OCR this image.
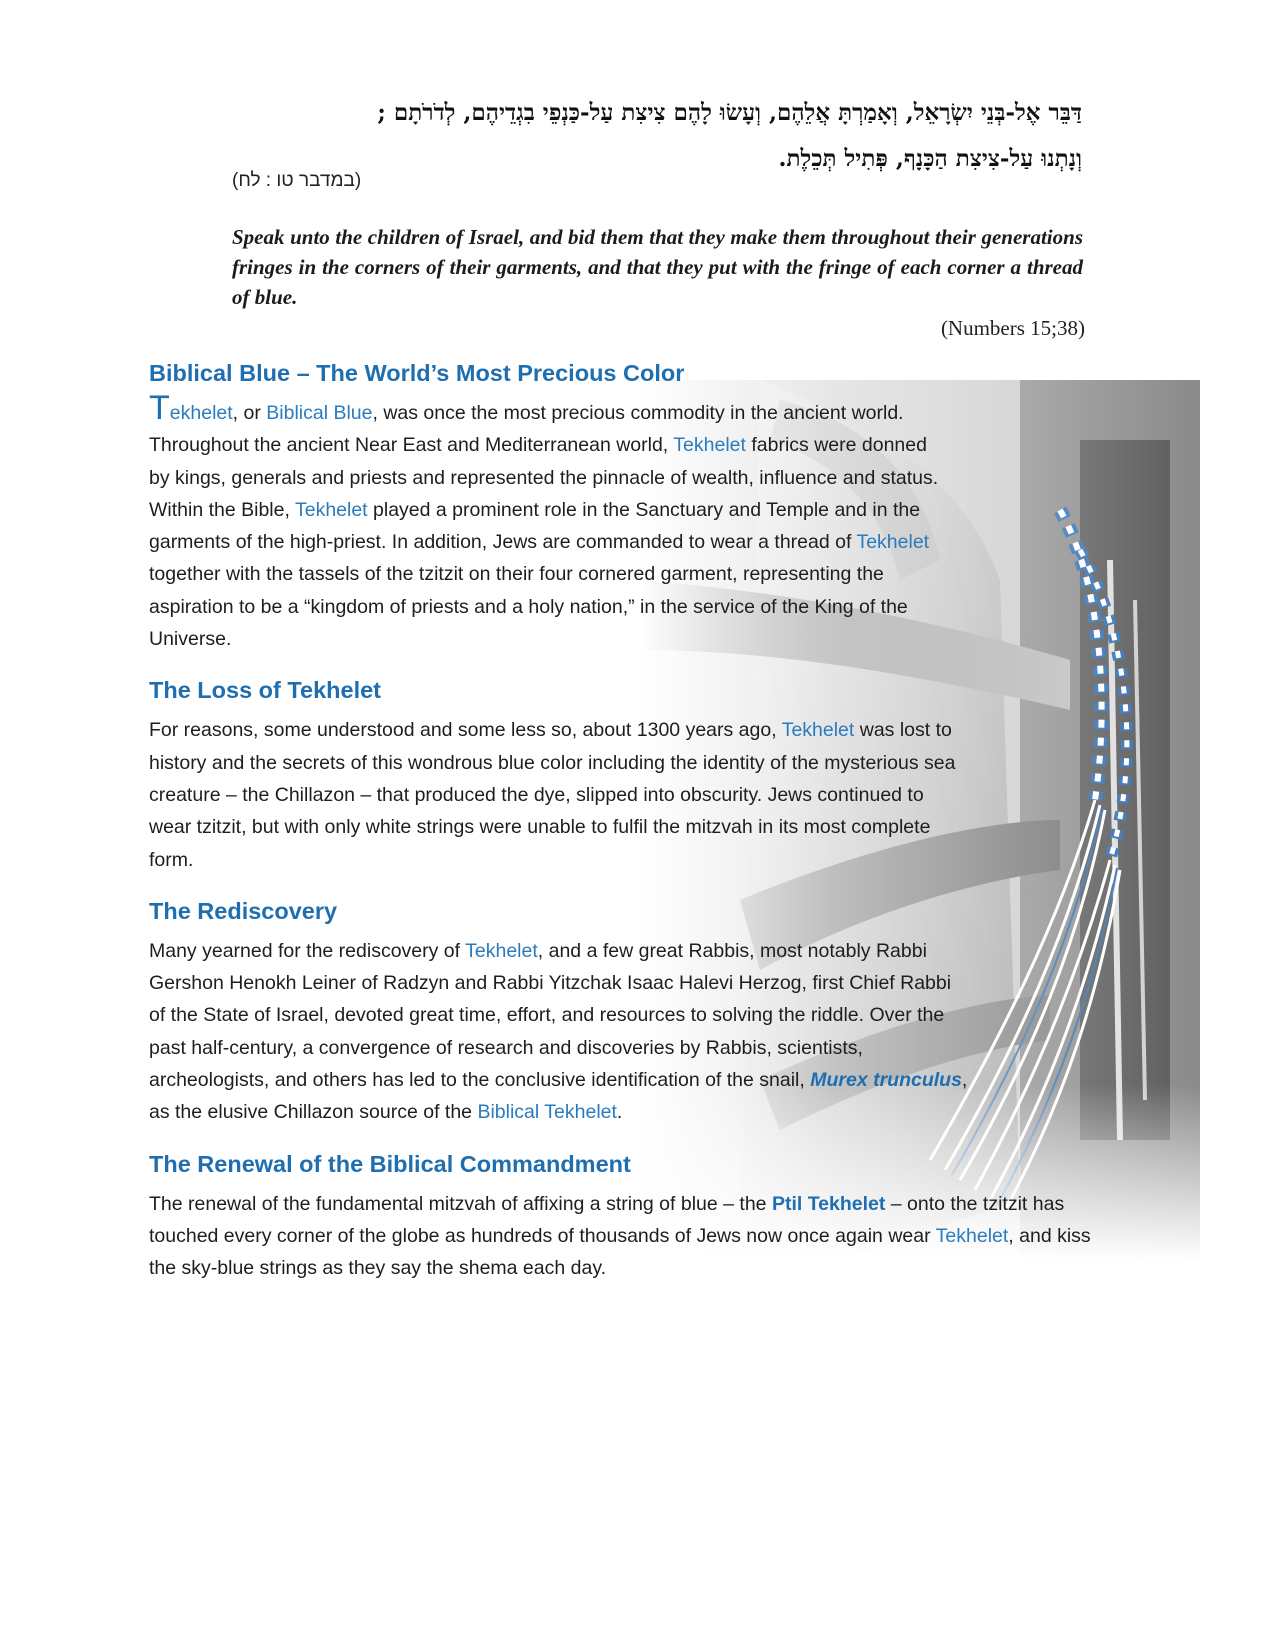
דַּבֵּר אֶל-בְּנֵי יִשְׂרָאֵל, וְאָמַרְתָּ אֲלֵהֶם, וְעָשׂוּ לָהֶם צִיצִת עַל-כַּנְפֵי בִגְדֵיהֶם, לְדֹרֹתָם ;
וְנָתְנוּ עַל-צִיצִת הַכָּנָף, פְּתִיל תְּכֵלֶת.
(במדבר טו : לח)
Speak unto the children of Israel, and bid them that they make them throughout their generations fringes in the corners of their garments, and that they put with the fringe of each corner a thread of blue.
(Numbers 15;38)
Biblical Blue – The World’s Most Precious Color

Tekhelet, or Biblical Blue, was once the most precious commodity in the ancient world. Throughout the ancient Near East and Mediterranean world, Tekhelet fabrics were donned by kings, generals and priests and represented the pinnacle of wealth, influence and status. Within the Bible, Tekhelet played a prominent role in the Sanctuary and Temple and in the garments of the high-priest. In addition, Jews are commanded to wear a thread of Tekhelet together with the tassels of the tzitzit on their four cornered garment, representing the aspiration to be a “kingdom of priests and a holy nation,” in the service of the King of the Universe.

The Loss of Tekhelet

For reasons, some understood and some less so, about 1300 years ago, Tekhelet was lost to history and the secrets of this wondrous blue color including the identity of the mysterious sea creature – the Chillazon – that produced the dye, slipped into obscurity. Jews continued to wear tzitzit, but with only white strings were unable to fulfil the mitzvah in its most complete form.

The Rediscovery

Many yearned for the rediscovery of Tekhelet, and a few great Rabbis, most notably Rabbi Gershon Henokh Leiner of Radzyn and Rabbi Yitzchak Isaac Halevi Herzog, first Chief Rabbi of the State of Israel, devoted great time, effort, and resources to solving the riddle. Over the past half-century, a convergence of research and discoveries by Rabbis, scientists, archeologists, and others has led to the conclusive identification of the snail, Murex trunculus, as the elusive Chillazon source of the Biblical Tekhelet.

The Renewal of the Biblical Commandment

The renewal of the fundamental mitzvah of affixing a string of blue – the Ptil Tekhelet – onto the tzitzit has touched every corner of the globe as hundreds of thousands of Jews now once again wear Tekhelet, and kiss the sky-blue strings as they say the shema each day.
